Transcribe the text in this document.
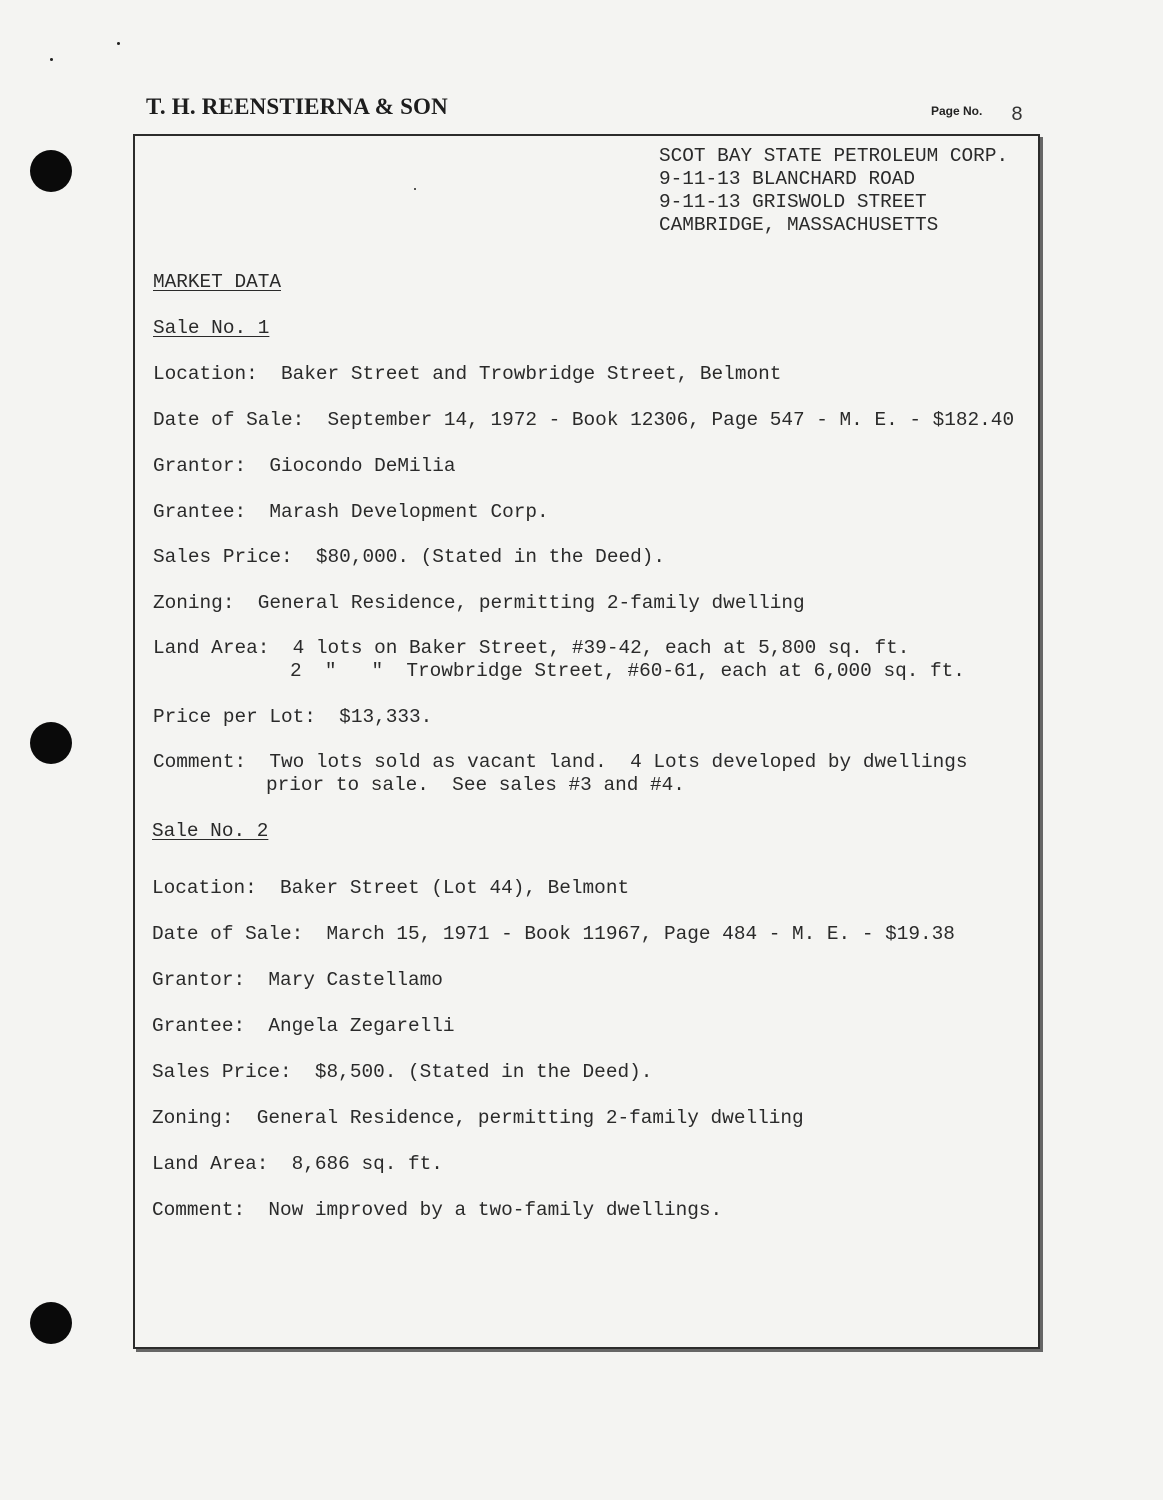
T. H. REENSTIERNA & SON	Page No. 8
SCOT BAY STATE PETROLEUM CORP.
9-11-13 BLANCHARD ROAD
9-11-13 GRISWOLD STREET
CAMBRIDGE, MASSACHUSETTS
MARKET DATA
Sale No. 1
Location:  Baker Street and Trowbridge Street, Belmont
Date of Sale:  September 14, 1972 - Book 12306, Page 547 - M. E. - $182.40
Grantor:  Giocondo DeMilia
Grantee:  Marash Development Corp.
Sales Price:  $80,000. (Stated in the Deed).
Zoning:  General Residence, permitting 2-family dwelling
Land Area:  4 lots on Baker Street, #39-42, each at 5,800 sq. ft.
2  "   "  Trowbridge Street, #60-61, each at 6,000 sq. ft.
Price per Lot:  $13,333.
Comment:  Two lots sold as vacant land.  4 Lots developed by dwellings
prior to sale.  See sales #3 and #4.
Sale No. 2
Location:  Baker Street (Lot 44), Belmont
Date of Sale:  March 15, 1971 - Book 11967, Page 484 - M. E. - $19.38
Grantor:  Mary Castellamo
Grantee:  Angela Zegarelli
Sales Price:  $8,500. (Stated in the Deed).
Zoning:  General Residence, permitting 2-family dwelling
Land Area:  8,686 sq. ft.
Comment:  Now improved by a two-family dwellings.
